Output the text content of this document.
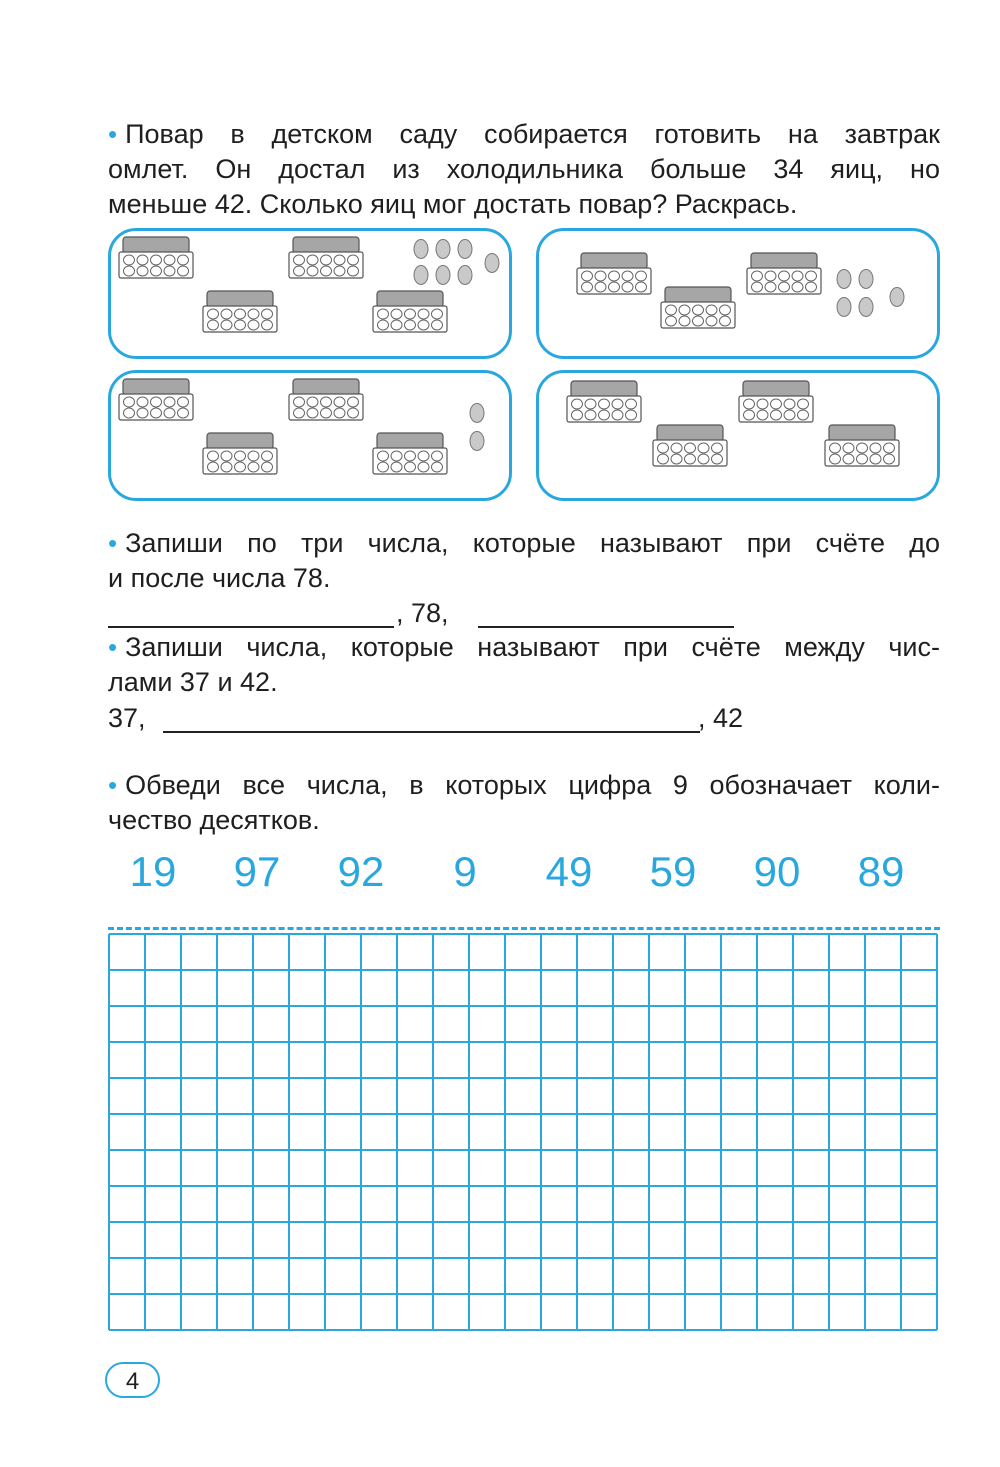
• Повар в детском саду собирается готовить на завтрак
омлет. Он достал из холодильника больше 34 яиц, но

меньше 42. Сколько яиц мог достать повар? Раскрась.
• Запиши по три числа, которые называют при счёте до

и после числа 78.
, 78,
• Запиши числа, которые называют при счёте между чис-

лами 37 и 42.
37,	, 42
• Обведи все числа, в которых цифра 9 обозначает коли-

чество десятков.
19 97 92 9 49 59 90 89
4
